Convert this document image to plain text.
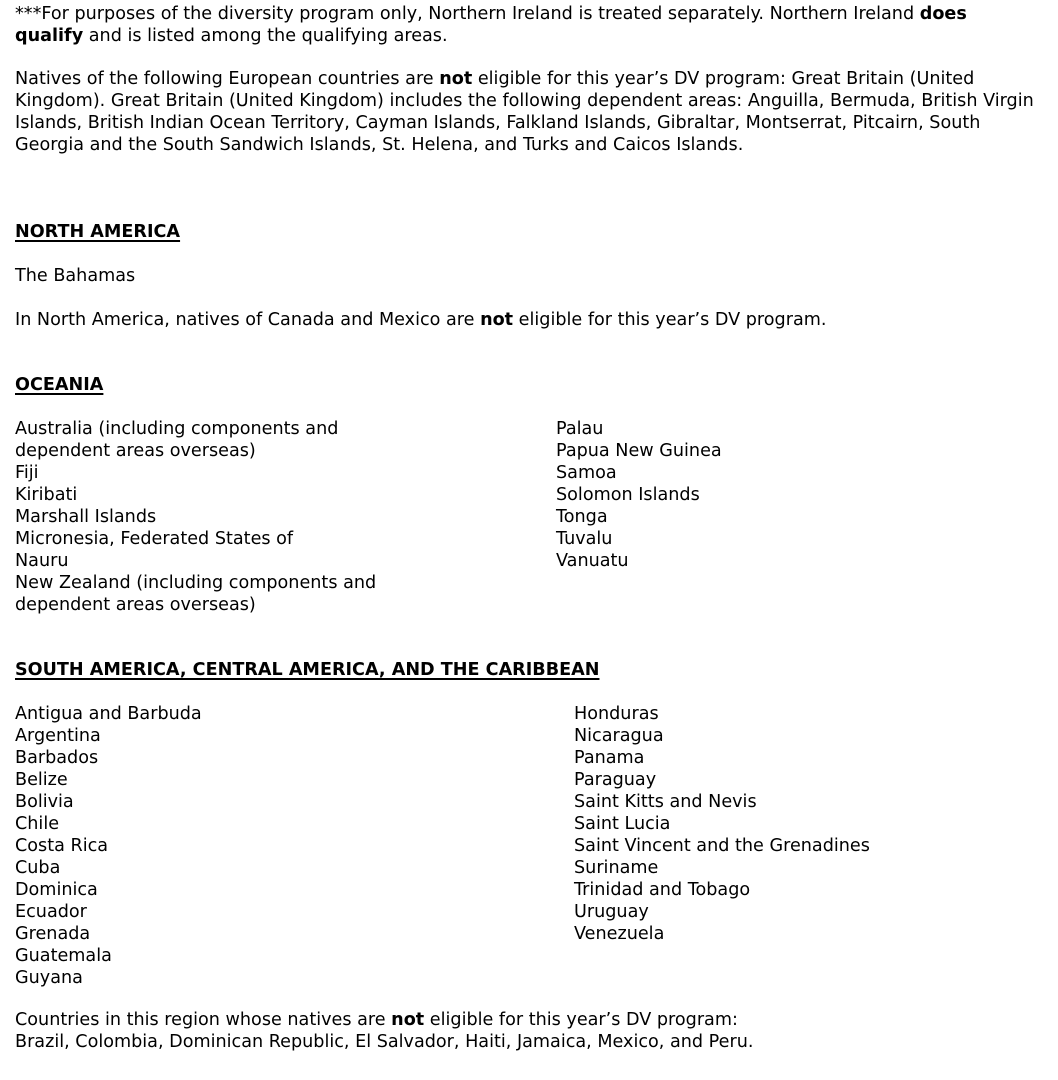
***For purposes of the diversity program only, Northern Ireland is treated separately. Northern Ireland does qualify and is listed among the qualifying areas.

Natives of the following European countries are not eligible for this year’s DV program: Great Britain (United Kingdom). Great Britain (United Kingdom) includes the following dependent areas: Anguilla, Bermuda, British Virgin Islands, British Indian Ocean Territory, Cayman Islands, Falkland Islands, Gibraltar, Montserrat, Pitcairn, South Georgia and the South Sandwich Islands, St. Helena, and Turks and Caicos Islands.

NORTH AMERICA

The Bahamas

In North America, natives of Canada and Mexico are not eligible for this year’s DV program.

OCEANIA
Australia (including components and dependent areas overseas)
Fiji
Kiribati
Marshall Islands
Micronesia, Federated States of
Nauru
New Zealand (including components and dependent areas overseas)
Palau
Papua New Guinea
Samoa
Solomon Islands
Tonga
Tuvalu
Vanuatu
SOUTH AMERICA, CENTRAL AMERICA, AND THE CARIBBEAN
Antigua and Barbuda
Argentina
Barbados
Belize
Bolivia
Chile
Costa Rica
Cuba
Dominica
Ecuador
Grenada
Guatemala
Guyana
Honduras
Nicaragua
Panama
Paraguay
Saint Kitts and Nevis
Saint Lucia
Saint Vincent and the Grenadines
Suriname
Trinidad and Tobago
Uruguay
Venezuela

Countries in this region whose natives are not eligible for this year’s DV program:
Brazil, Colombia, Dominican Republic, El Salvador, Haiti, Jamaica, Mexico, and Peru.
